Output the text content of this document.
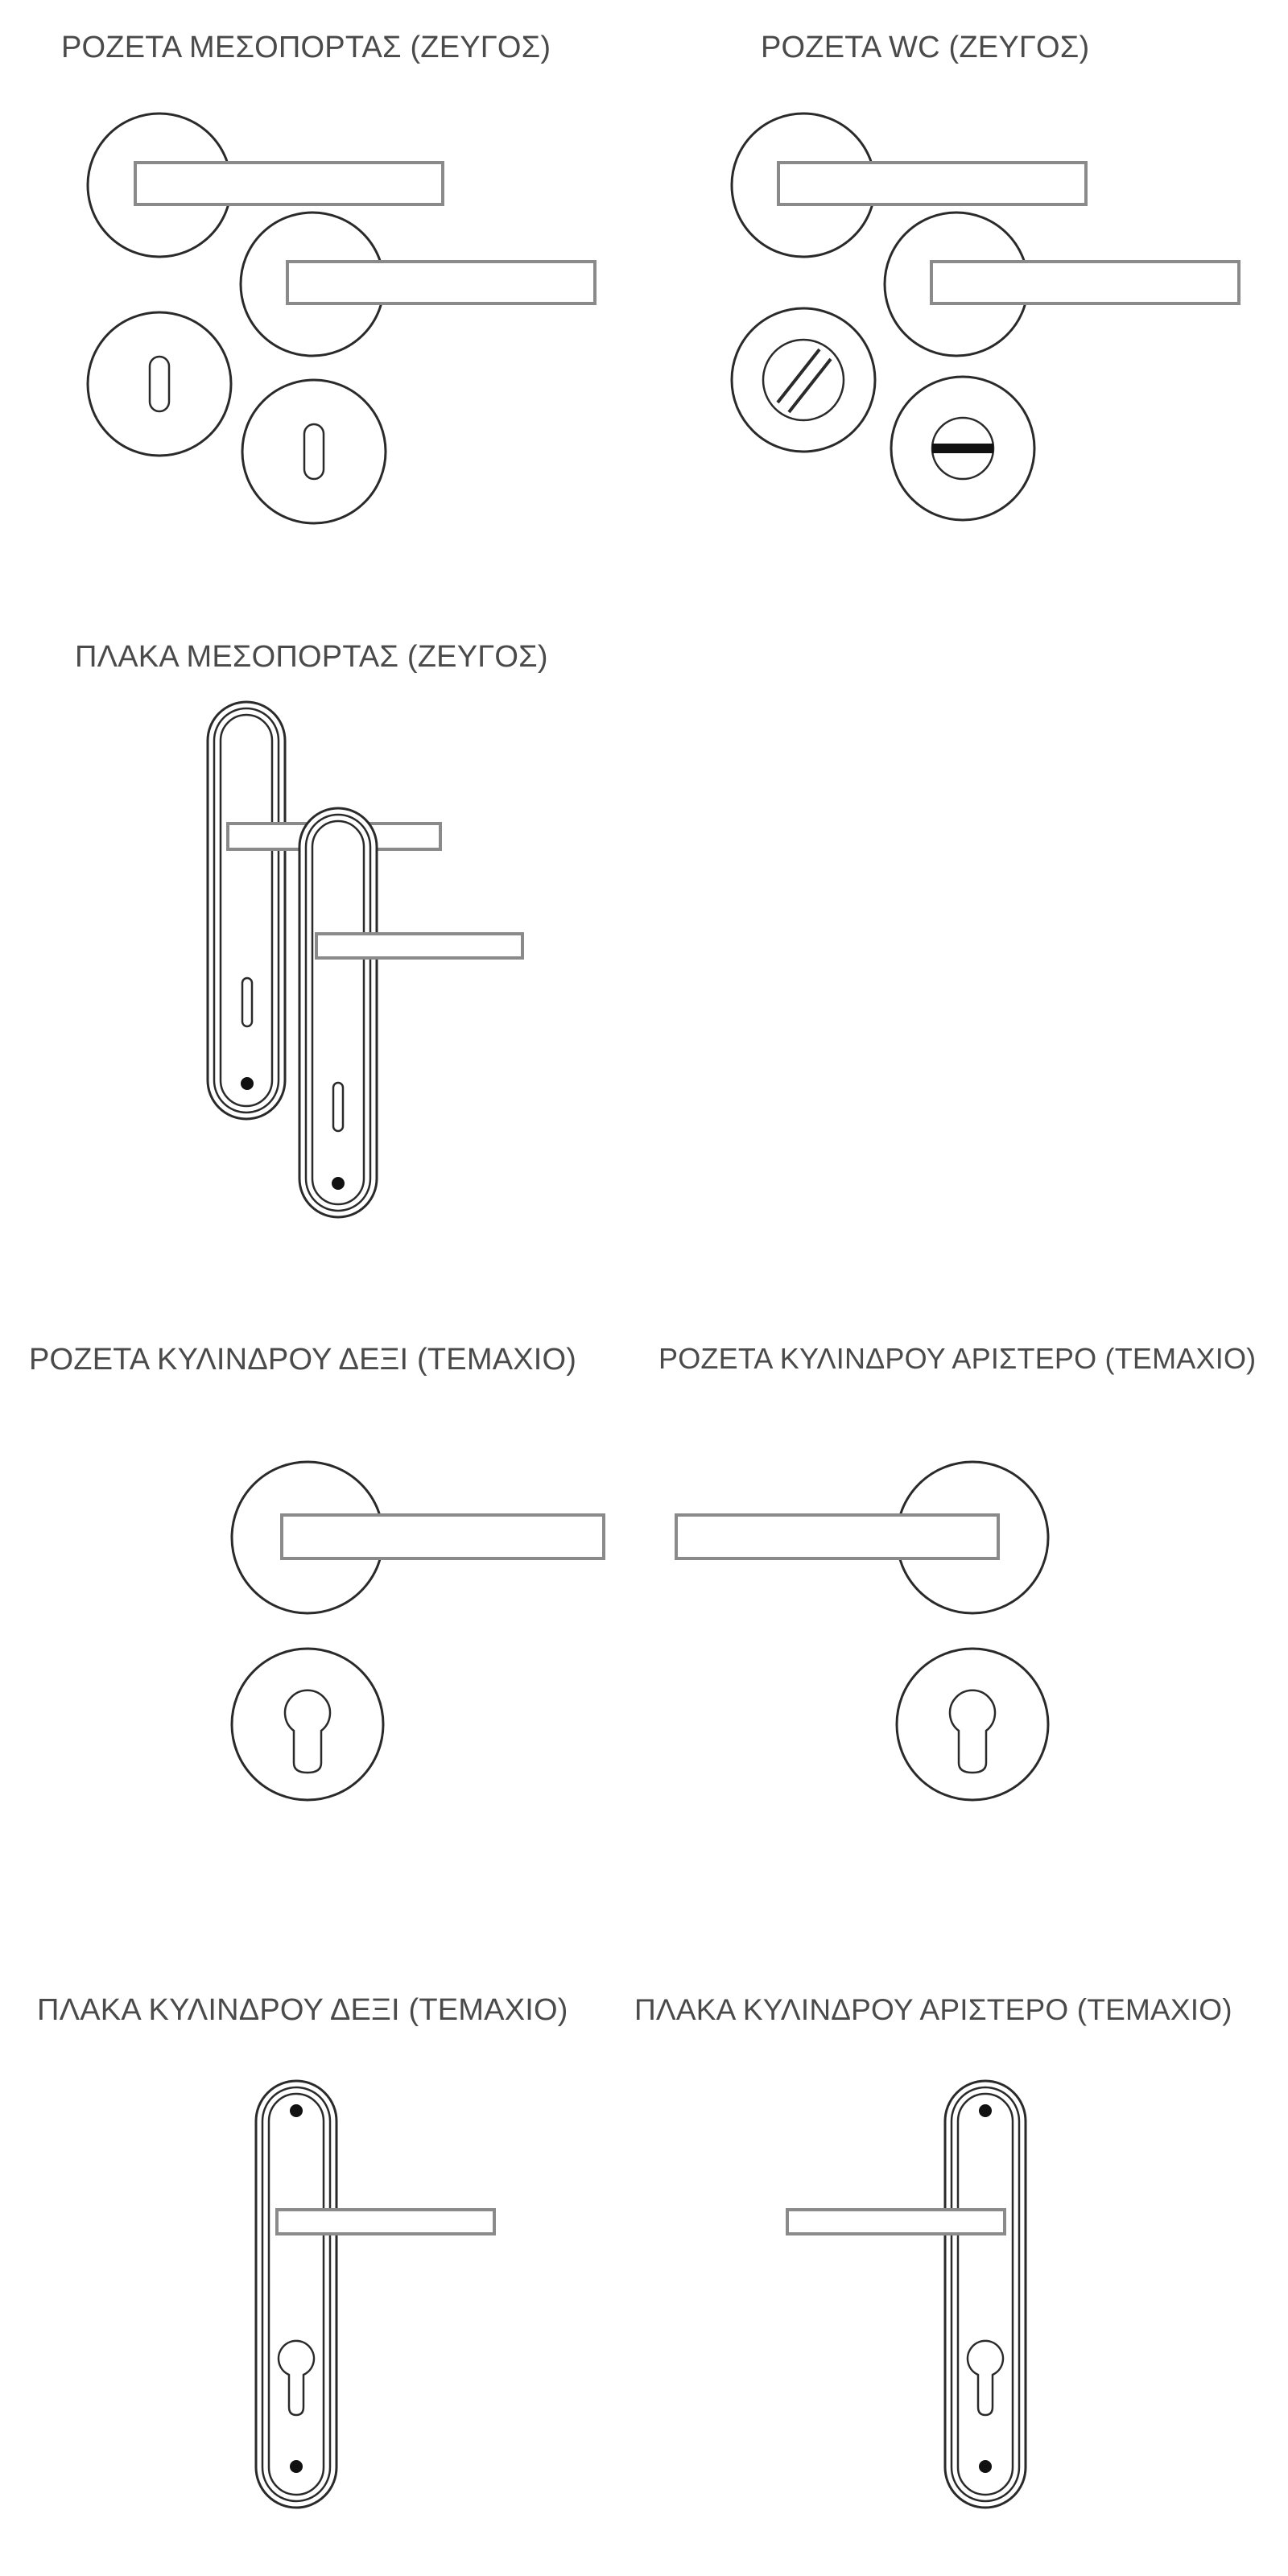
ΡΟΖΕΤΑ ΜΕΣΟΠΟΡΤΑΣ (ΖΕΥΓΟΣ)	ΡΟΖΕΤΑ WC (ΖΕΥΓΟΣ)
ΠΛΑΚΑ ΜΕΣΟΠΟΡΤΑΣ (ΖΕΥΓΟΣ)
ΡΟΖΕΤΑ ΚΥΛΙΝΔΡΟΥ ΔΕΞΙ (ΤΕΜΑΧΙΟ)	ΡΟΖΕΤΑ ΚΥΛΙΝΔΡΟΥ ΑΡΙΣΤΕΡΟ (ΤΕΜΑΧΙΟ)
ΠΛΑΚΑ ΚΥΛΙΝΔΡΟΥ ΔΕΞΙ (ΤΕΜΑΧΙΟ) ΠΛΑΚΑ ΚΥΛΙΝΔΡΟΥ ΑΡΙΣΤΕΡΟ (ΤΕΜΑΧΙΟ)
